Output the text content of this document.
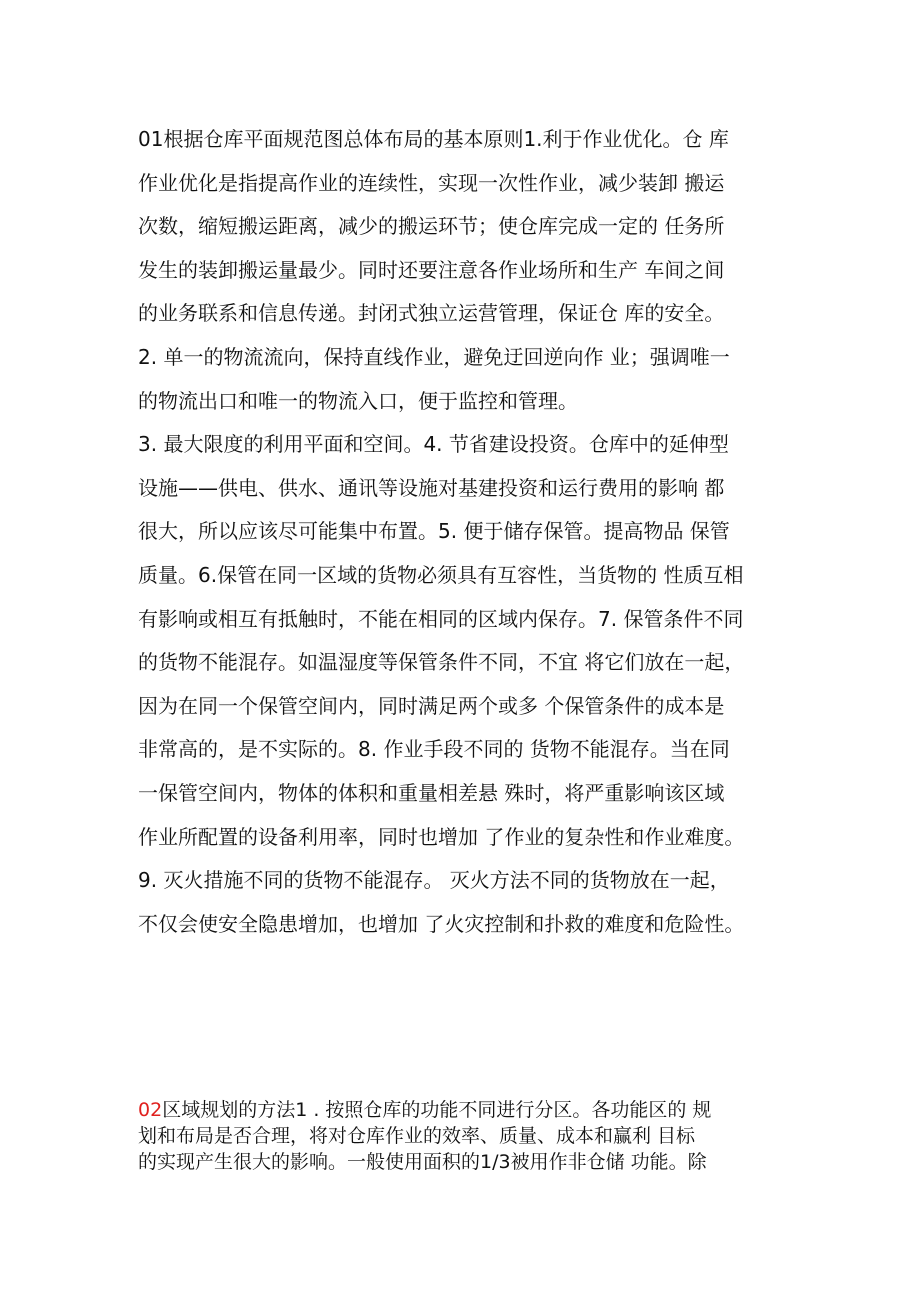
01根据仓库平面规范图总体布局的基本原则1.利于作业优化。仓 库
作业优化是指提高作业的连续性，实现一次性作业，减少装卸 搬运
次数，缩短搬运距离，减少的搬运环节；使仓库完成一定的 任务所
发生的装卸搬运量最少。同时还要注意各作业场所和生产 车间之间
的业务联系和信息传递。封闭式独立运营管理，保证仓 库的安全。
2. 单一的物流流向，保持直线作业，避免迂回逆向作 业；强调唯一
的物流出口和唯一的物流入口，便于监控和管理。
3. 最大限度的利用平面和空间。4. 节省建设投资。仓库中的延伸型
设施——供电、供水、通讯等设施对基建投资和运行费用的影响 都
很大，所以应该尽可能集中布置。5. 便于储存保管。提高物品 保管
质量。6.保管在同一区域的货物必须具有互容性，当货物的 性质互相
有影响或相互有抵触时，不能在相同的区域内保存。7. 保管条件不同
的货物不能混存。如温湿度等保管条件不同，不宜 将它们放在一起，
因为在同一个保管空间内，同时满足两个或多 个保管条件的成本是
非常高的，是不实际的。8. 作业手段不同的 货物不能混存。当在同
一保管空间内，物体的体积和重量相差悬 殊时，将严重影响该区域
作业所配置的设备利用率，同时也增加 了作业的复杂性和作业难度。
9. 灭火措施不同的货物不能混存。 灭火方法不同的货物放在一起，
不仅会使安全隐患增加，也增加 了火灾控制和扑救的难度和危险性。
02区域规划的方法1 . 按照仓库的功能不同进行分区。各功能区的 规
划和布局是否合理，将对仓库作业的效率、质量、成本和赢利 目标
的实现产生很大的影响。一般使用面积的1/3被用作非仓储 功能。除
